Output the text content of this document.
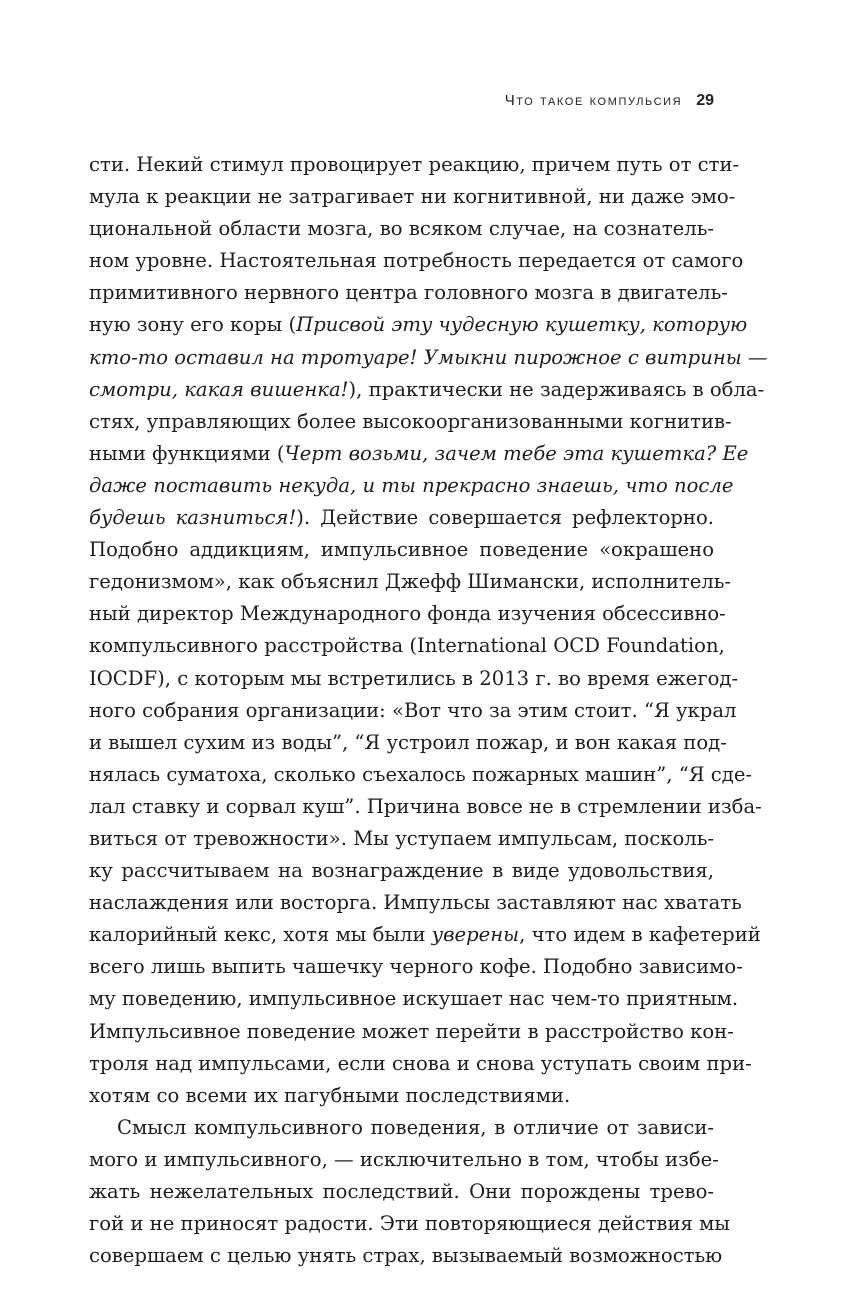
Что такое компульсия 29
сти. Некий стимул провоцирует реакцию, причем путь от сти-
мула к реакции не затрагивает ни когнитивной, ни даже эмо-
циональной области мозга, во всяком случае, на сознатель-
ном уровне. Настоятельная потребность передается от самого
примитивного нервного центра головного мозга в двигатель-
ную зону его коры (Присвой эту чудесную кушетку, которую
кто-то оставил на тротуаре! Умыкни пирожное с витрины —
смотри, какая вишенка!), практически не задерживаясь в обла-
стях, управляющих более высокоорганизованными когнитив-
ными функциями (Черт возьми, зачем тебе эта кушетка? Ее
даже поставить некуда, и ты прекрасно знаешь, что после
будешь казниться!). Действие совершается рефлекторно.
Подобно аддикциям, импульсивное поведение «окрашено
гедонизмом», как объяснил Джефф Шимански, исполнитель-
ный директор Международного фонда изучения обсессивно-
компульсивного расстройства (International OCD Foundation,
IOCDF), с которым мы встретились в 2013 г. во время ежегод-
ного собрания организации: «Вот что за этим стоит. “Я украл
и вышел сухим из воды”, “Я устроил пожар, и вон какая под-
нялась суматоха, сколько съехалось пожарных машин”, “Я сде-
лал ставку и сорвал куш”. Причина вовсе не в стремлении изба-
виться от тревожности». Мы уступаем импульсам, посколь-
ку рассчитываем на вознаграждение в виде удовольствия,
наслаждения или восторга. Импульсы заставляют нас хватать
калорийный кекс, хотя мы были уверены, что идем в кафетерий
всего лишь выпить чашечку черного кофе. Подобно зависимо-
му поведению, импульсивное искушает нас чем-то приятным.
Импульсивное поведение может перейти в расстройство кон-
троля над импульсами, если снова и снова уступать своим при-
хотям со всеми их пагубными последствиями.
Смысл компульсивного поведения, в отличие от зависи-
мого и импульсивного, — исключительно в том, чтобы избе-
жать нежелательных последствий. Они порождены трево-
гой и не приносят радости. Эти повторяющиеся действия мы
совершаем с целью унять страх, вызываемый возможностью
